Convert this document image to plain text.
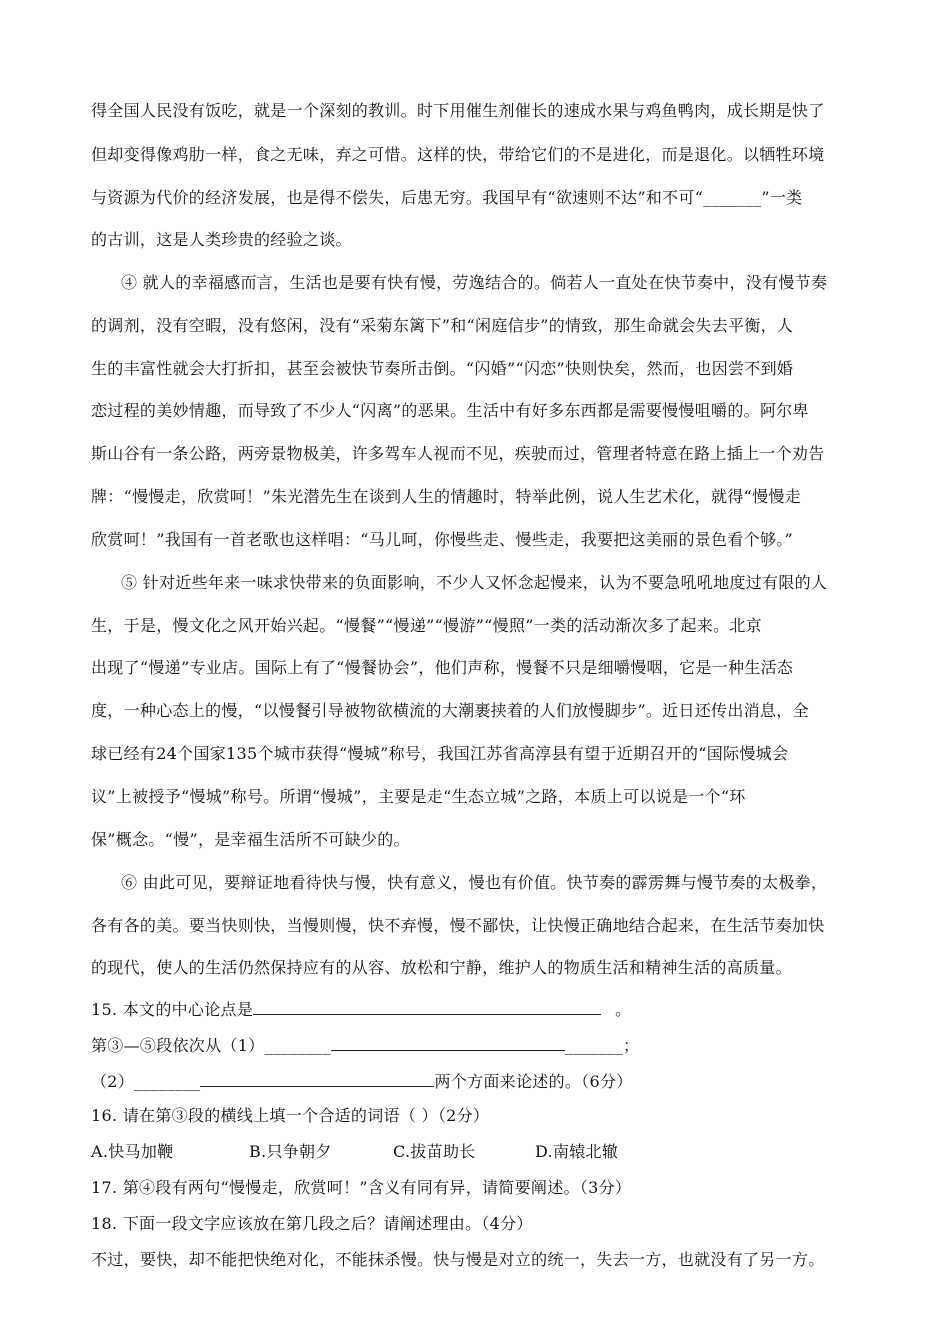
得全国人民没有饭吃，就是一个深刻的教训。时下用催生剂催长的速成水果与鸡鱼鸭肉，成长期是快了
但却变得像鸡肋一样，食之无味，弃之可惜。这样的快，带给它们的不是进化，而是退化。以牺牲环境
与资源为代价的经济发展，也是得不偿失，后患无穷。我国早有“欲速则不达”和不可“_______”一类
的古训，这是人类珍贵的经验之谈。
④ 就人的幸福感而言，生活也是要有快有慢，劳逸结合的。倘若人一直处在快节奏中，没有慢节奏
的调剂，没有空暇，没有悠闲，没有“采菊东篱下”和“闲庭信步”的情致，那生命就会失去平衡，人
生的丰富性就会大打折扣，甚至会被快节奏所击倒。“闪婚”“闪恋”快则快矣，然而，也因尝不到婚
恋过程的美妙情趣，而导致了不少人“闪离”的恶果。生活中有好多东西都是需要慢慢咀嚼的。阿尔卑
斯山谷有一条公路，两旁景物极美，许多驾车人视而不见，疾驶而过，管理者特意在路上插上一个劝告
牌：“慢慢走，欣赏呵！”朱光潜先生在谈到人生的情趣时，特举此例，说人生艺术化，就得“慢慢走
欣赏呵！”我国有一首老歌也这样唱：“马儿呵，你慢些走、慢些走，我要把这美丽的景色看个够。”
⑤ 针对近些年来一味求快带来的负面影响，不少人又怀念起慢来，认为不要急吼吼地度过有限的人
生，于是，慢文化之风开始兴起。“慢餐”“慢递”“慢游”“慢照”一类的活动渐次多了起来。北京
出现了“慢递”专业店。国际上有了“慢餐协会”，他们声称，慢餐不只是细嚼慢咽，它是一种生活态
度，一种心态上的慢，“以慢餐引导被物欲横流的大潮裹挟着的人们放慢脚步”。近日还传出消息，全
球已经有24个国家135个城市获得“慢城”称号，我国江苏省高淳县有望于近期召开的“国际慢城会
议”上被授予“慢城”称号。所谓“慢城”，主要是走“生态立城”之路，本质上可以说是一个“环
保”概念。“慢”，是幸福生活所不可缺少的。
⑥ 由此可见，要辩证地看待快与慢，快有意义，慢也有价值。快节奏的霹雳舞与慢节奏的太极拳，
各有各的美。要当快则快，当慢则慢，快不弃慢，慢不鄙快，让快慢正确地结合起来，在生活节奏加快
的现代，使人的生活仍然保持应有的从容、放松和宁静，维护人的物质生活和精神生活的高质量。
15. 本文的中心论点是	。
第③—⑤段依次从（1）________	_______；
（2）________	两个方面来论述的。（6分）
16. 请在第③段的横线上填一个合适的词语（ ）（2分）
A.快马加鞭	B.只争朝夕	C.拔苗助长	D.南辕北辙
17. 第④段有两句“慢慢走，欣赏呵！”含义有同有异，请简要阐述。（3分）
18. 下面一段文字应该放在第几段之后？请阐述理由。（4分）
不过，要快，却不能把快绝对化，不能抹杀慢。快与慢是对立的统一，失去一方，也就没有了另一方。
